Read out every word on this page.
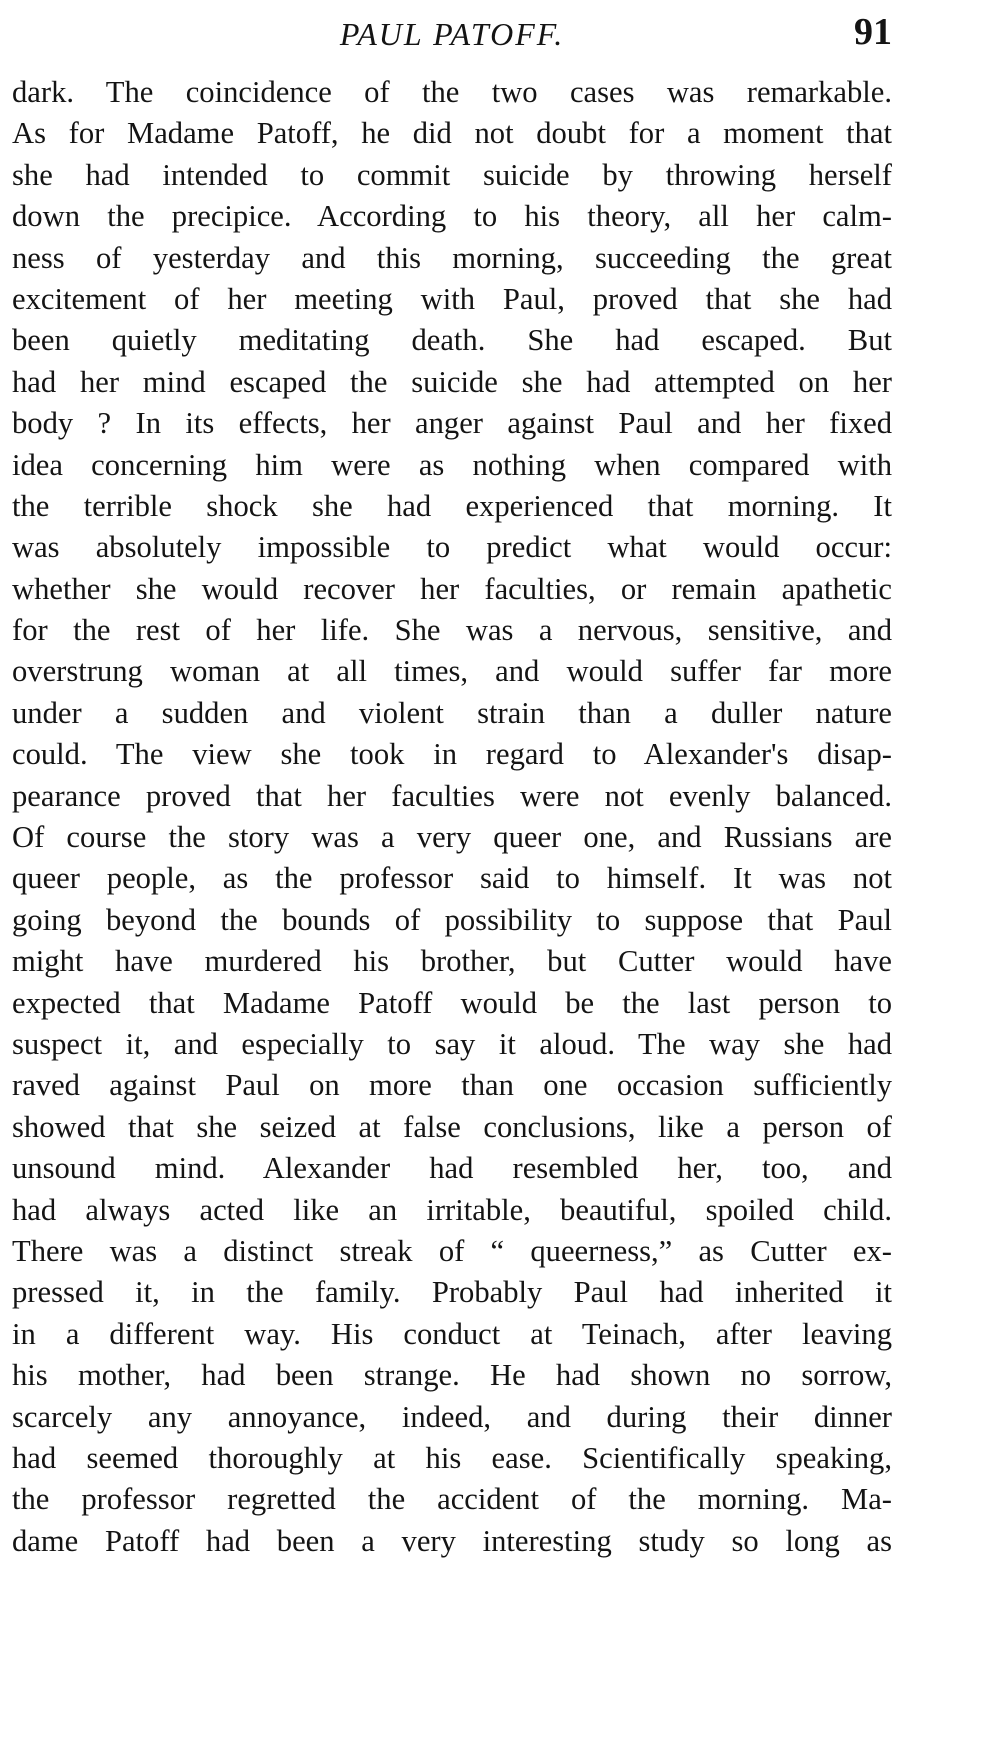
PAUL PATOFF.	91
dark. The coincidence of the two cases was remarkable.
As for Madame Patoff, he did not doubt for a moment that
she had intended to commit suicide by throwing herself
down the precipice. According to his theory, all her calm-
ness of yesterday and this morning, succeeding the great
excitement of her meeting with Paul, proved that she had
been quietly meditating death. She had escaped. But
had her mind escaped the suicide she had attempted on her
body ? In its effects, her anger against Paul and her fixed
idea concerning him were as nothing when compared with
the terrible shock she had experienced that morning. It
was absolutely impossible to predict what would occur:
whether she would recover her faculties, or remain apathetic
for the rest of her life. She was a nervous, sensitive, and
overstrung woman at all times, and would suffer far more
under a sudden and violent strain than a duller nature
could. The view she took in regard to Alexander's disap-
pearance proved that her faculties were not evenly balanced.
Of course the story was a very queer one, and Russians are
queer people, as the professor said to himself. It was not
going beyond the bounds of possibility to suppose that Paul
might have murdered his brother, but Cutter would have
expected that Madame Patoff would be the last person to
suspect it, and especially to say it aloud. The way she had
raved against Paul on more than one occasion sufficiently
showed that she seized at false conclusions, like a person of
unsound mind. Alexander had resembled her, too, and
had always acted like an irritable, beautiful, spoiled child.
There was a distinct streak of “ queerness,” as Cutter ex-
pressed it, in the family. Probably Paul had inherited it
in a different way. His conduct at Teinach, after leaving
his mother, had been strange. He had shown no sorrow,
scarcely any annoyance, indeed, and during their dinner
had seemed thoroughly at his ease. Scientifically speaking,
the professor regretted the accident of the morning. Ma-
dame Patoff had been a very interesting study so long as
